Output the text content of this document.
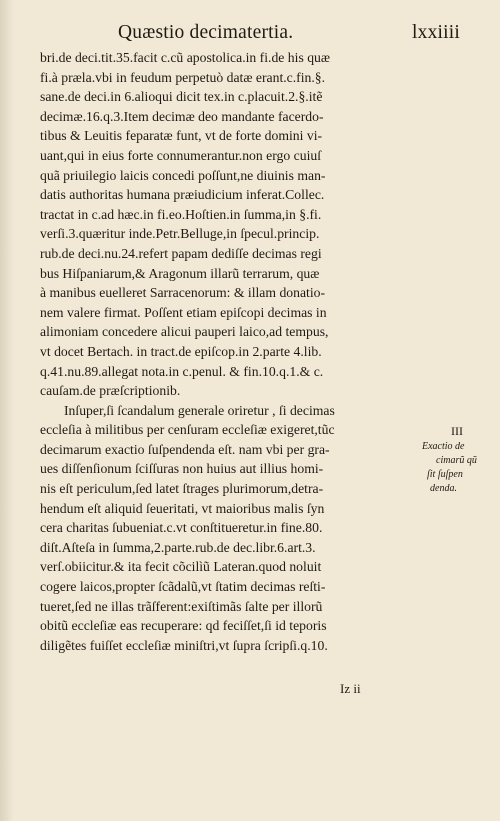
Quæstio decimatertia.	lxxiiii
bri.de deci.tit.35.facit c.cũ apostolica.in fi.de his quæ
fi.à præla.vbi in feudum perpetuò datæ erant.c.fin.§.
sane.de deci.in 6.alioqui dicit tex.in c.placuit.2.§.itẽ
decimæ.16.q.3.Item decimæ deo mandante facerdo-
tibus & Leuitis feparatæ funt, vt de forte domini vi-
uant,qui in eius forte connumerantur.non ergo cuiuſ
quã priuilegio laicis concedi poſſunt,ne diuinis man-
datis authoritas humana præiudicium inferat.Collec.
tractat in c.ad hæc.in fi.eo.Hoſtien.in ſumma,in §.fi.
verſi.3.quæritur inde.Petr.Belluge,in ſpecul.princip.
rub.de deci.nu.24.refert papam dediſſe decimas regi
bus Hiſpaniarum,& Aragonum illarũ terrarum, quæ
à manibus euelleret Sarracenorum: & illam donatio-
nem valere firmat. Poſſent etiam epiſcopi decimas in
alimoniam concedere alicui pauperi laico,ad tempus,
vt docet Bertach. in tract.de epiſcop.in 2.parte 4.lib.
q.41.nu.89.allegat nota.in c.penul. & fin.10.q.1.& c.
cauſam.de præſcriptionib.
Inſuper,ſi ſcandalum generale oriretur , ſi decimas
eccleſia à militibus per cenſuram eccleſiæ exigeret,tũc
decimarum exactio ſuſpendenda eſt. nam vbi per gra-
ues diſſenſionum ſciſſuras non huius aut illius homi-
nis eſt periculum,ſed latet ſtrages plurimorum,detra-
hendum eſt aliquid ſeueritati, vt maioribus malis ſyn
cera charitas ſubueniat.c.vt conſtitueretur.in fine.80.
diſt.Aſteſa in ſumma,2.parte.rub.de dec.libr.6.art.3.
verſ.obiicitur.& ita fecit cõcilìũ Lateran.quod noluit
cogere laicos,propter ſcãdalũ,vt ſtatim decimas reſti-
tueret,ſed ne illas trãſferent:exiſtimãs ſalte per illorũ
obitũ eccleſiæ eas recuperare: qd feciſſet,ſi id teporis
diligẽtes fuiſſet eccleſiæ miniſtri,vt ſupra ſcripſi.q.10.
III
Exactio de
cimarũ qũ
ſit ſuſpen
denda.
Iz ii
